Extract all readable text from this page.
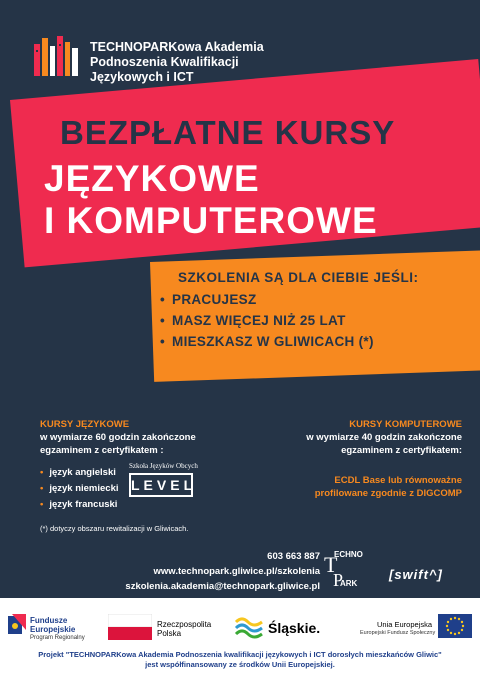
TECHNOPARKowa Akademia
Podnoszenia Kwalifikacji
Językowych i ICT
BEZPŁATNE KURSY
JĘZYKOWE
I KOMPUTEROWE
SZKOLENIA SĄ DLA CIEBIE JEŚLI:
• PRACUJESZ
• MASZ WIĘCEJ NIŻ 25 LAT
• MIESZKASZ W GLIWICACH (*)
KURSY JĘZYKOWE
w wymiarze 60 godzin zakończone
egzaminem z certyfikatem :
• język angielski
• język niemiecki
• język francuski
Szkoła Języków Obcych
LEVEL
KURSY KOMPUTEROWE
w wymiarze 40 godzin zakończone
egzaminem z certyfikatem:
ECDL Base lub równoważne
profilowane zgodnie z DIGCOMP
(*) dotyczy obszaru rewitalizacji w Gliwicach.
603 663 887
www.technopark.gliwice.pl/szkolenia
szkolenia.akademia@technopark.gliwice.pl
ECHNO
T
ARK
P	[swift^]
Fundusze
Europejskie
Program Regionalny
Rzeczpospolita
Polska	Śląskie.	Unia Europejska
Europejski Fundusz Społeczny
Projekt "TECHNOPARKowa Akademia Podnoszenia kwalifikacji językowych i ICT dorosłych mieszkańców Gliwic"
jest współfinansowany ze środków Unii Europejskiej.
